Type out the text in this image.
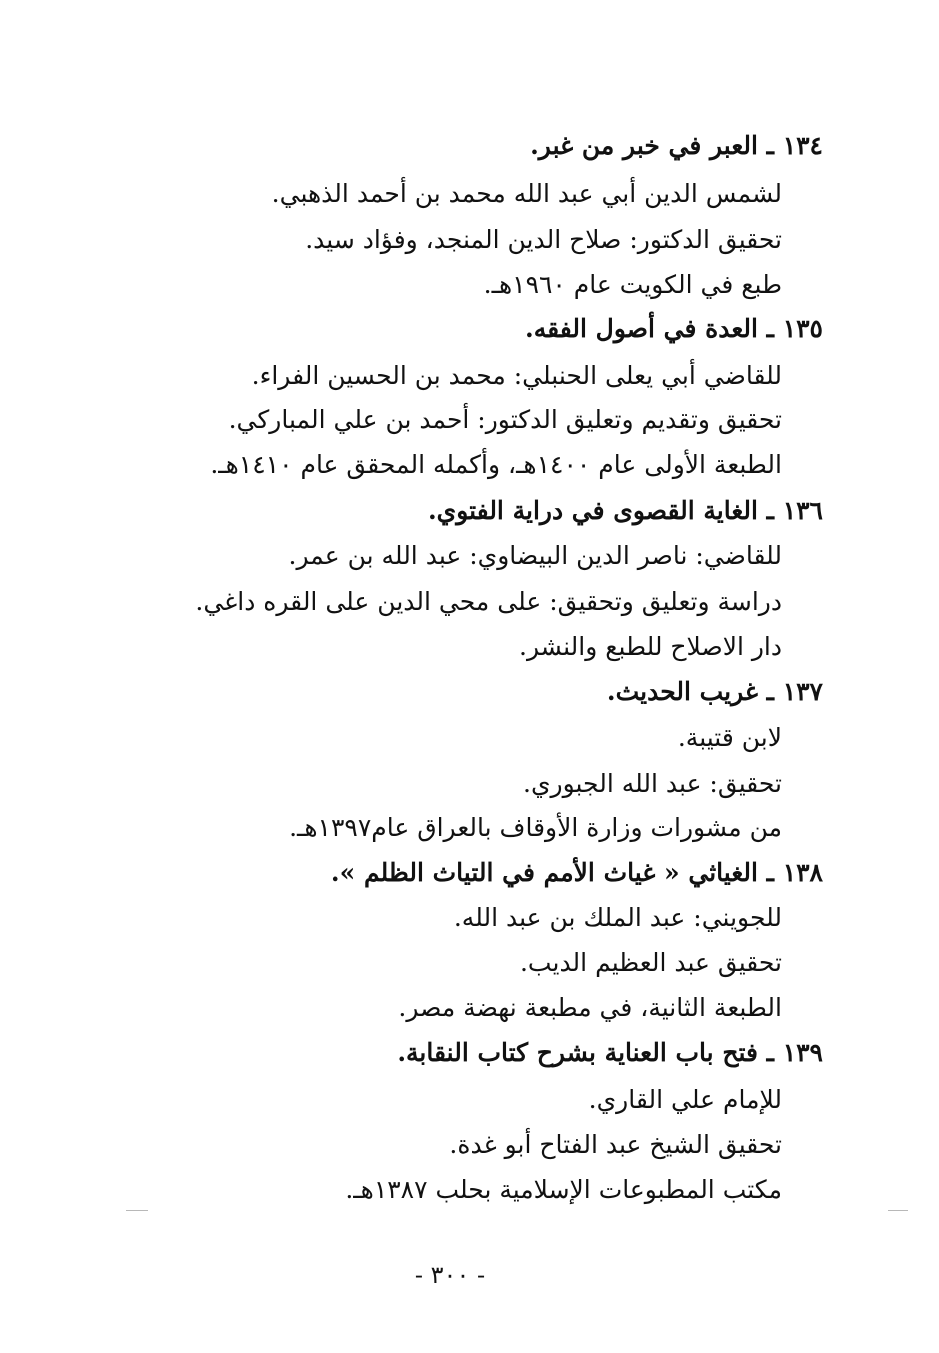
١٣٤ ـ العبر في خبر من غبر.
لشمس الدين أبي عبد الله محمد بن أحمد الذهبي.
تحقيق الدكتور: صلاح الدين المنجد، وفؤاد سيد.
طبع في الكويت عام ١٩٦٠هـ.
١٣٥ ـ العدة في أصول الفقه.
للقاضي أبي يعلى الحنبلي: محمد بن الحسين الفراء.
تحقيق وتقديم وتعليق الدكتور: أحمد بن علي المباركي.
الطبعة الأولى عام ١٤٠٠هـ، وأكمله المحقق عام ١٤١٠هـ.
١٣٦ ـ الغاية القصوى في دراية الفتوي.
للقاضي: ناصر الدين البيضاوي: عبد الله بن عمر.
دراسة وتعليق وتحقيق: على محي الدين على القره داغي.
دار الاصلاح للطبع والنشر.
١٣٧ ـ غريب الحديث.
لابن قتيبة.
تحقيق: عبد الله الجبوري.
من مشورات وزارة الأوقاف بالعراق عام١٣٩٧هـ.
١٣٨ ـ الغياثي « غياث الأمم في التياث الظلم ».
للجويني: عبد الملك بن عبد الله.
تحقيق عبد العظيم الديب.
الطبعة الثانية، في مطبعة نهضة مصر.
١٣٩ ـ فتح باب العناية بشرح كتاب النقابة.
للإمام علي القاري.
تحقيق الشيخ عبد الفتاح أبو غدة.
مكتب المطبوعات الإسلامية بحلب ١٣٨٧هـ.
- ٣٠٠ -
